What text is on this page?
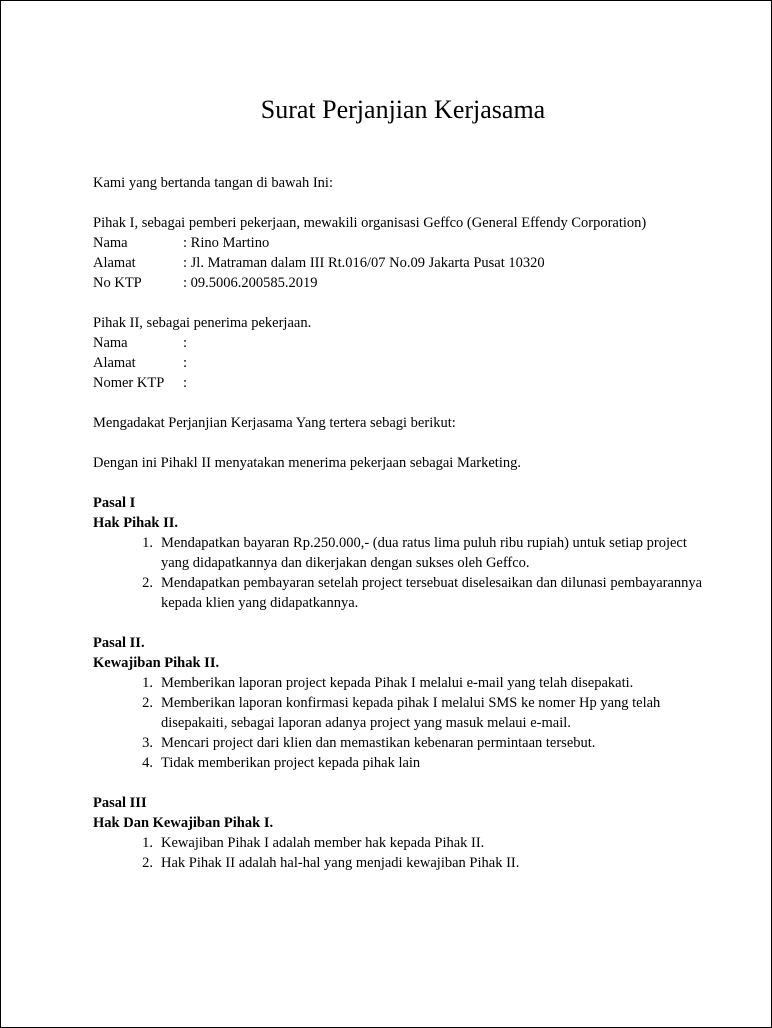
Surat Perjanjian Kerjasama

Kami yang bertanda tangan di bawah Ini:

Pihak I, sebagai pemberi pekerjaan, mewakili organisasi Geffco (General Effendy Corporation)

Nama	: Rino Martino
Alamat	: Jl. Matraman dalam III Rt.016/07 No.09 Jakarta Pusat 10320
No KTP	: 09.5006.200585.2019

Pihak II, sebagai penerima pekerjaan.

Nama	:
Alamat	:
Nomer KTP	:

Mengadakat Perjanjian Kerjasama Yang tertera sebagi berikut:

Dengan ini Pihakl II menyatakan menerima pekerjaan sebagai Marketing.

Pasal I

Hak Pihak II.

1. Mendapatkan bayaran Rp.250.000,- (dua ratus lima puluh ribu rupiah) untuk setiap project yang didapatkannya dan dikerjakan dengan sukses oleh Geffco.
2. Mendapatkan pembayaran setelah project tersebuat diselesaikan dan dilunasi pembayarannya kepada klien yang didapatkannya.

Pasal II.

Kewajiban Pihak II.

1. Memberikan laporan project kepada Pihak I melalui e-mail yang telah disepakati.
2. Memberikan laporan konfirmasi kepada pihak I melalui SMS ke nomer Hp yang telah disepakaiti, sebagai laporan adanya project yang masuk melaui e-mail.
3. Mencari project dari klien dan memastikan kebenaran permintaan tersebut.
4. Tidak memberikan project kepada pihak lain

Pasal III

Hak Dan Kewajiban Pihak I.

1. Kewajiban Pihak I adalah member hak kepada Pihak II.
2. Hak Pihak II adalah hal-hal yang menjadi kewajiban Pihak II.
